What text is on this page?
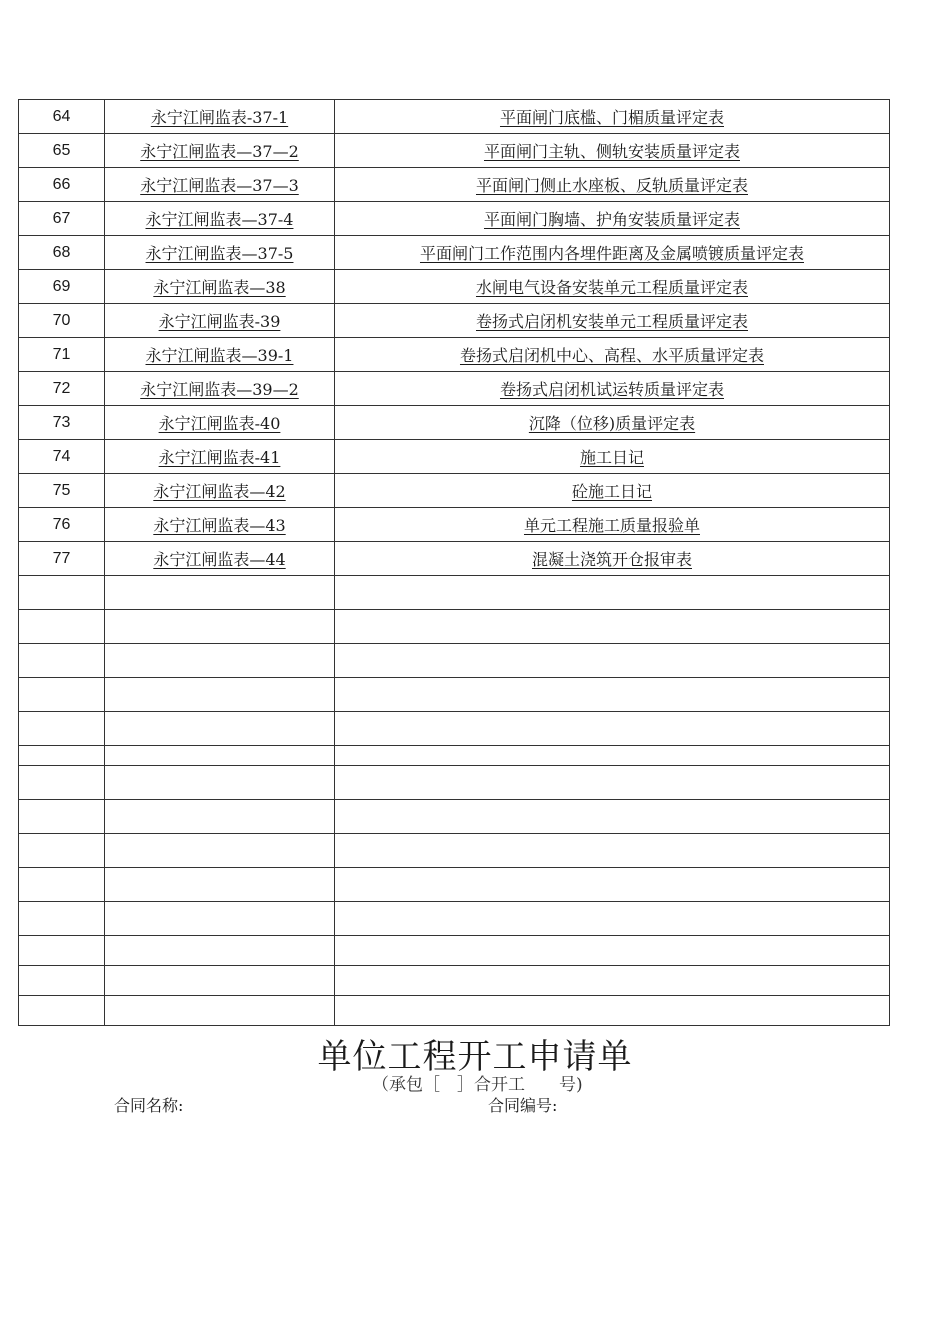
64	永宁江闸监表-37-1	平面闸门底槛、门楣质量评定表
65	永宁江闸监表—37—2	平面闸门主轨、侧轨安装质量评定表
66	永宁江闸监表—37—3	平面闸门侧止水座板、反轨质量评定表
67	永宁江闸监表—37-4	平面闸门胸墙、护角安装质量评定表
68	永宁江闸监表—37-5	平面闸门工作范围内各埋件距离及金属喷镀质量评定表
69	永宁江闸监表—38	水闸电气设备安装单元工程质量评定表
70	永宁江闸监表-39	卷扬式启闭机安装单元工程质量评定表
71	永宁江闸监表—39-1	卷扬式启闭机中心、高程、水平质量评定表
72	永宁江闸监表—39—2	卷扬式启闭机试运转质量评定表
73	永宁江闸监表-40	沉降（位移)质量评定表
74	永宁江闸监表-41	施工日记
75	永宁江闸监表—42	砼施工日记
76	永宁江闸监表—43	单元工程施工质量报验单
77	永宁江闸监表—44	混凝土浇筑开仓报审表

单位工程开工申请单
（承包［　］合开工　　号)
合同名称:	合同编号:
